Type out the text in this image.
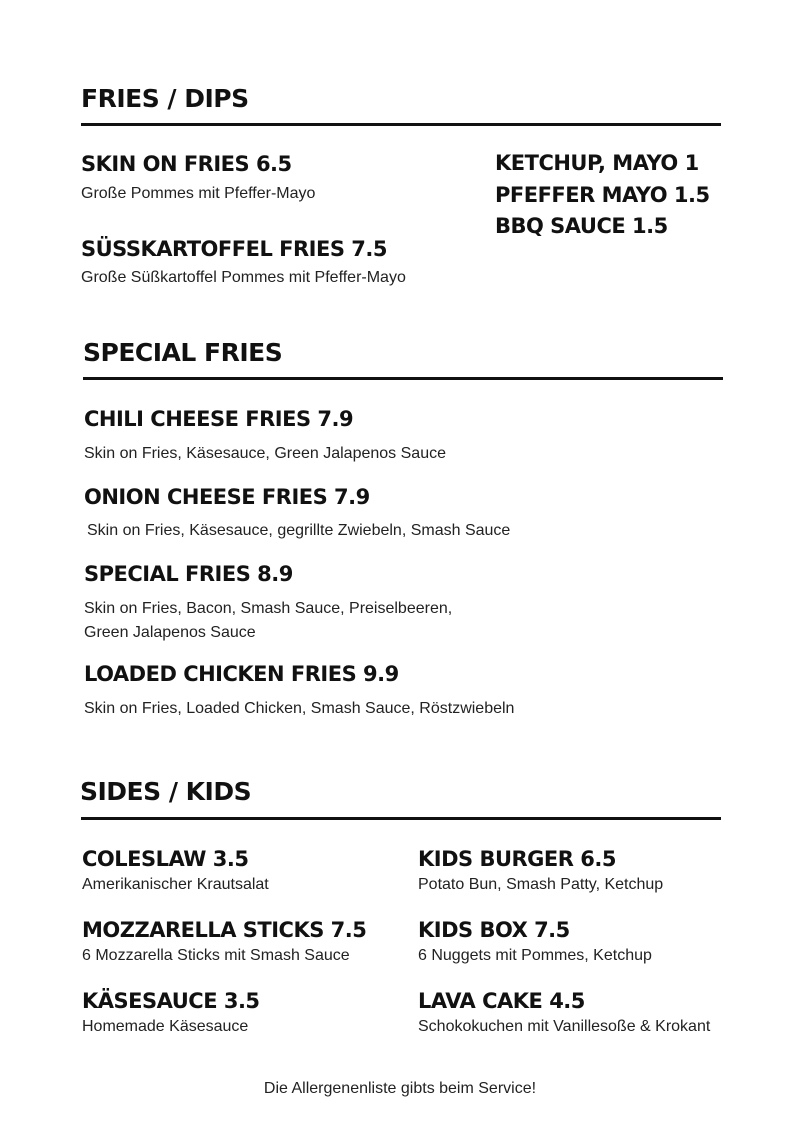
FRIES / DIPS
SKIN ON FRIES 6.5
Große Pommes mit Pfeffer-Mayo
SÜSSKARTOFFEL FRIES 7.5
Große Süßkartoffel Pommes mit Pfeffer-Mayo
KETCHUP, MAYO 1
PFEFFER MAYO 1.5
BBQ SAUCE 1.5
SPECIAL FRIES
CHILI CHEESE FRIES 7.9
Skin on Fries, Käsesauce, Green Jalapenos Sauce
ONION CHEESE FRIES 7.9
Skin on Fries, Käsesauce, gegrillte Zwiebeln, Smash Sauce
SPECIAL FRIES 8.9
Skin on Fries, Bacon, Smash Sauce, Preiselbeeren,
Green Jalapenos Sauce
LOADED CHICKEN FRIES 9.9
Skin on Fries, Loaded Chicken, Smash Sauce, Röstzwiebeln
SIDES / KIDS
COLESLAW 3.5
Amerikanischer Krautsalat
MOZZARELLA STICKS 7.5
6 Mozzarella Sticks mit Smash Sauce
KÄSESAUCE 3.5
Homemade Käsesauce
KIDS BURGER 6.5
Potato Bun, Smash Patty, Ketchup
KIDS BOX 7.5
6 Nuggets mit Pommes, Ketchup
LAVA CAKE 4.5
Schokokuchen mit Vanillesoße & Krokant
Die Allergenenliste gibts beim Service!
